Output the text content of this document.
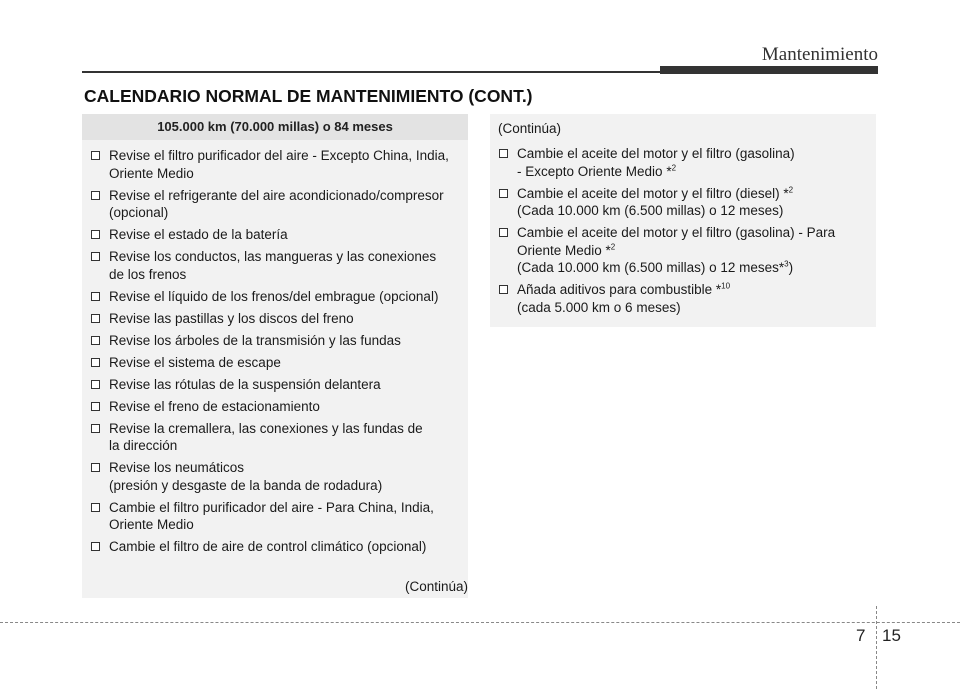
Mantenimiento
CALENDARIO NORMAL DE MANTENIMIENTO (CONT.)
105.000 km (70.000 millas) o 84 meses
Revise el filtro purificador del aire - Excepto China, India,
Oriente Medio
Revise el refrigerante del aire acondicionado/compresor
(opcional)
Revise el estado de la batería
Revise los conductos, las mangueras y las conexiones
de los frenos
Revise el líquido de los frenos/del embrague (opcional)
Revise las pastillas y los discos del freno
Revise los árboles de la transmisión y las fundas
Revise el sistema de escape
Revise las rótulas de la suspensión delantera
Revise el freno de estacionamiento
Revise la cremallera, las conexiones y las fundas de
la dirección
Revise los neumáticos
(presión y desgaste de la banda de rodadura)
Cambie el filtro purificador del aire - Para China, India,
Oriente Medio
Cambie el filtro de aire de control climático (opcional)
(Continúa)
(Continúa)
Cambie el aceite del motor y el filtro (gasolina)
- Excepto Oriente Medio *$^2$
Cambie el aceite del motor y el filtro (diesel) *$^2$
(Cada 10.000 km (6.500 millas) o 12 meses)
Cambie el aceite del motor y el filtro (gasolina) - Para
Oriente Medio *$^2$
(Cada 10.000 km (6.500 millas) o 12 meses*$^3$)
Añada aditivos para combustible *$^{10}$
(cada 5.000 km o 6 meses)
7 15
